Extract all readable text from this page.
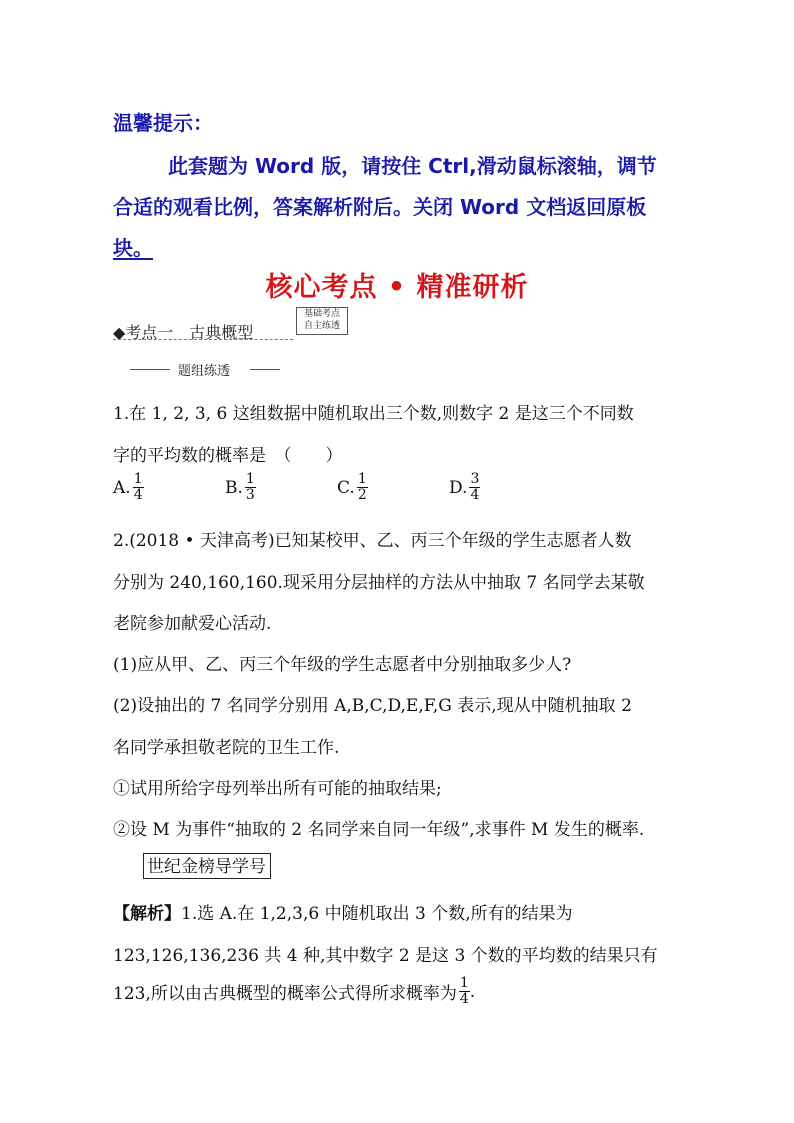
温馨提示：
此套题为 Word 版，请按住 Ctrl,滑动鼠标滚轴，调节
合适的观看比例，答案解析附后。关闭 Word 文档返回原板
块。
核心考点 • 精准研析
◆考点一　古典概型
基础考点
自主练透
题组练透
1.在 1, 2, 3, 6 这组数据中随机取出三个数,则数字 2 是这三个不同数
字的平均数的概率是　（　　）
A. $\frac{1}{4}$	B. $\frac{1}{3}$	C. $\frac{1}{2}$	D. $\frac{3}{4}$
2.(2018 • 天津高考)已知某校甲、乙、丙三个年级的学生志愿者人数
分别为 240,160,160.现采用分层抽样的方法从中抽取 7 名同学去某敬
老院参加献爱心活动.
(1)应从甲、乙、丙三个年级的学生志愿者中分别抽取多少人?
(2)设抽出的 7 名同学分别用 A,B,C,D,E,F,G 表示,现从中随机抽取 2
名同学承担敬老院的卫生工作.
①试用所给字母列举出所有可能的抽取结果;
②设 M 为事件“抽取的 2 名同学来自同一年级”,求事件 M 发生的概率.
世纪金榜导学号
【解析】1.选 A.在 1,2,3,6 中随机取出 3 个数,所有的结果为
123,126,136,236 共 4 种,其中数字 2 是这 3 个数的平均数的结果只有
123,所以由古典概型的概率公式得所求概率为 $\frac{1}{4}$ .
